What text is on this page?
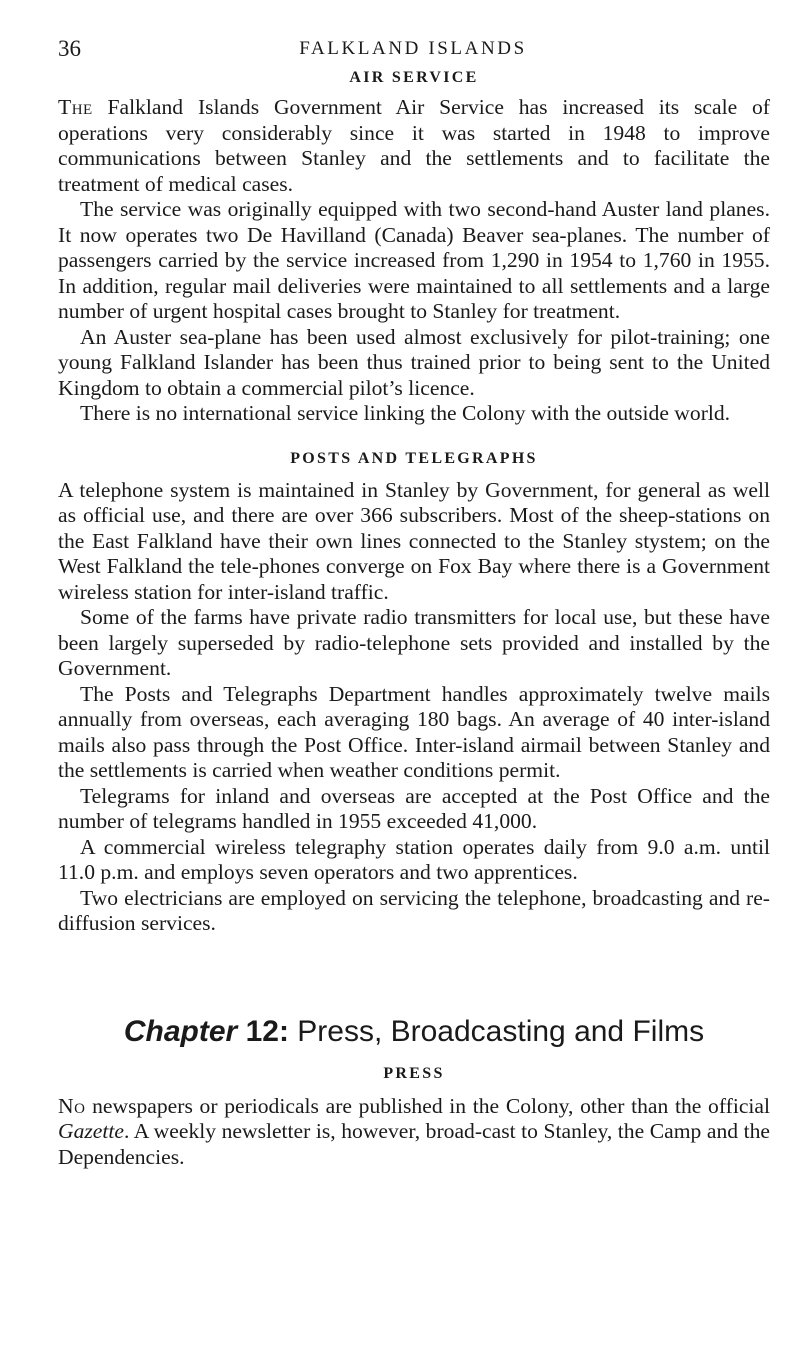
36	FALKLAND ISLANDS
AIR SERVICE

The Falkland Islands Government Air Service has increased its scale of operations very considerably since it was started in 1948 to improve communications between Stanley and the settlements and to facilitate the treatment of medical cases.

The service was originally equipped with two second-hand Auster land planes. It now operates two De Havilland (Canada) Beaver sea-planes. The number of passengers carried by the service increased from 1,290 in 1954 to 1,760 in 1955. In addition, regular mail deliveries were maintained to all settlements and a large number of urgent hospital cases brought to Stanley for treatment.

An Auster sea-plane has been used almost exclusively for pilot-training; one young Falkland Islander has been thus trained prior to being sent to the United Kingdom to obtain a commercial pilot’s licence.

There is no international service linking the Colony with the outside world.

POSTS AND TELEGRAPHS

A telephone system is maintained in Stanley by Government, for general as well as official use, and there are over 366 subscribers. Most of the sheep-stations on the East Falkland have their own lines connected to the Stanley stystem; on the West Falkland the tele-phones converge on Fox Bay where there is a Government wireless station for inter-island traffic.

Some of the farms have private radio transmitters for local use, but these have been largely superseded by radio-telephone sets provided and installed by the Government.

The Posts and Telegraphs Department handles approximately twelve mails annually from overseas, each averaging 180 bags. An average of 40 inter-island mails also pass through the Post Office. Inter-island airmail between Stanley and the settlements is carried when weather conditions permit.

Telegrams for inland and overseas are accepted at the Post Office and the number of telegrams handled in 1955 exceeded 41,000.

A commercial wireless telegraphy station operates daily from 9.0 a.m. until 11.0 p.m. and employs seven operators and two apprentices.

Two electricians are employed on servicing the telephone, broadcasting and re-diffusion services.

Chapter 12: Press, Broadcasting and Films
PRESS

No newspapers or periodicals are published in the Colony, other than the official Gazette. A weekly newsletter is, however, broad-cast to Stanley, the Camp and the Dependencies.
